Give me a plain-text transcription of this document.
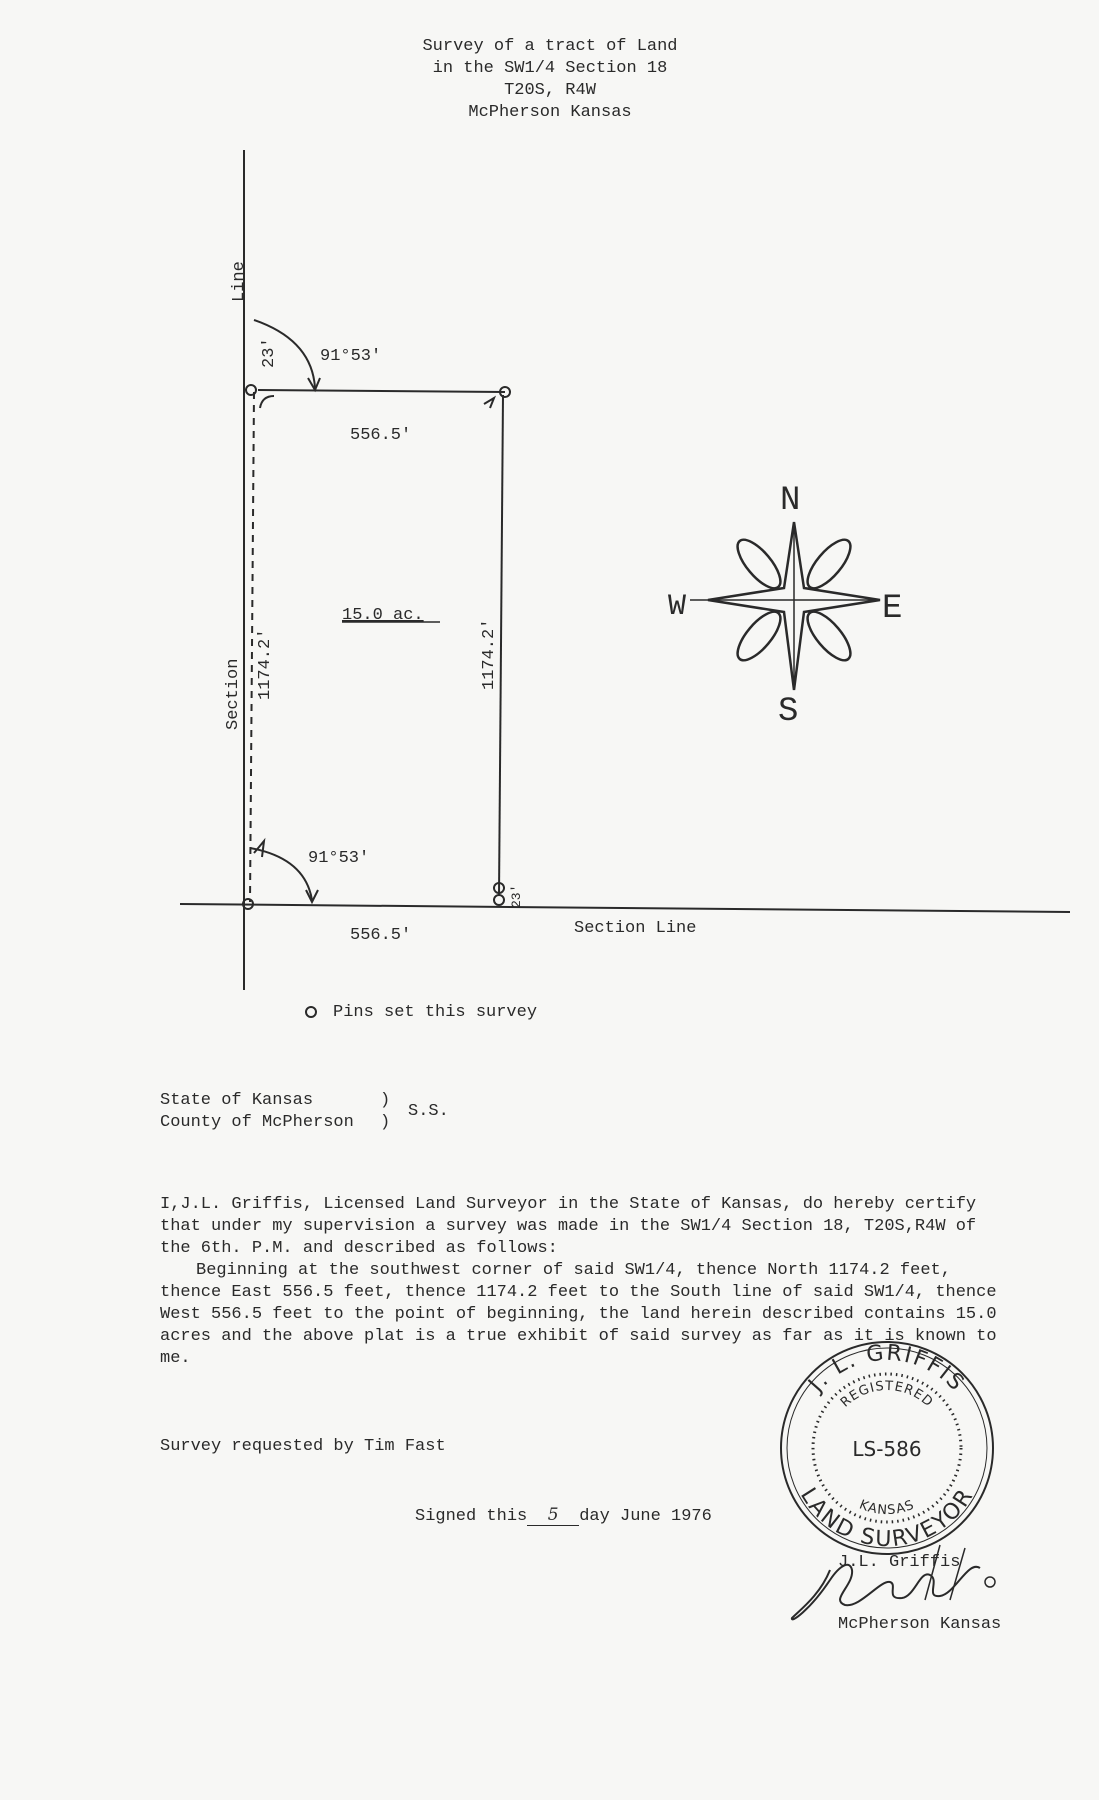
Survey of a tract of Land
in the SW1/4 Section 18
T20S, R4W
McPherson Kansas
Line
Section 1174.2'	1174.2'
23'
23'
556.5'
556.5'
91°53'
91°53'
15.0 ac.
Section Line
N
S
E
W
Pins set this survey
State of Kansas	)
County of McPherson )
S.S.

I,J.L. Griffis, Licensed Land Surveyor in the State of Kansas, do hereby certify that under my supervision a survey was made in the SW1/4 Section 18, T20S,R4W of the 6th. P.M. and described as follows:

Beginning at the southwest corner of said SW1/4, thence North 1174.2 feet, thence East 556.5 feet, thence 1174.2 feet to the South line of said SW1/4, thence West 556.5 feet to the point of beginning, the land herein described contains 15.0 acres and the above plat is a true exhibit of said survey as far as it is known to me.

Survey requested by Tim Fast
Signed this 5 day June 1976
J. L. GRIFFIS
LAND SURVEYOR
REGISTERED
KANSAS
LS-586
J.L. Griffis
McPherson Kansas
